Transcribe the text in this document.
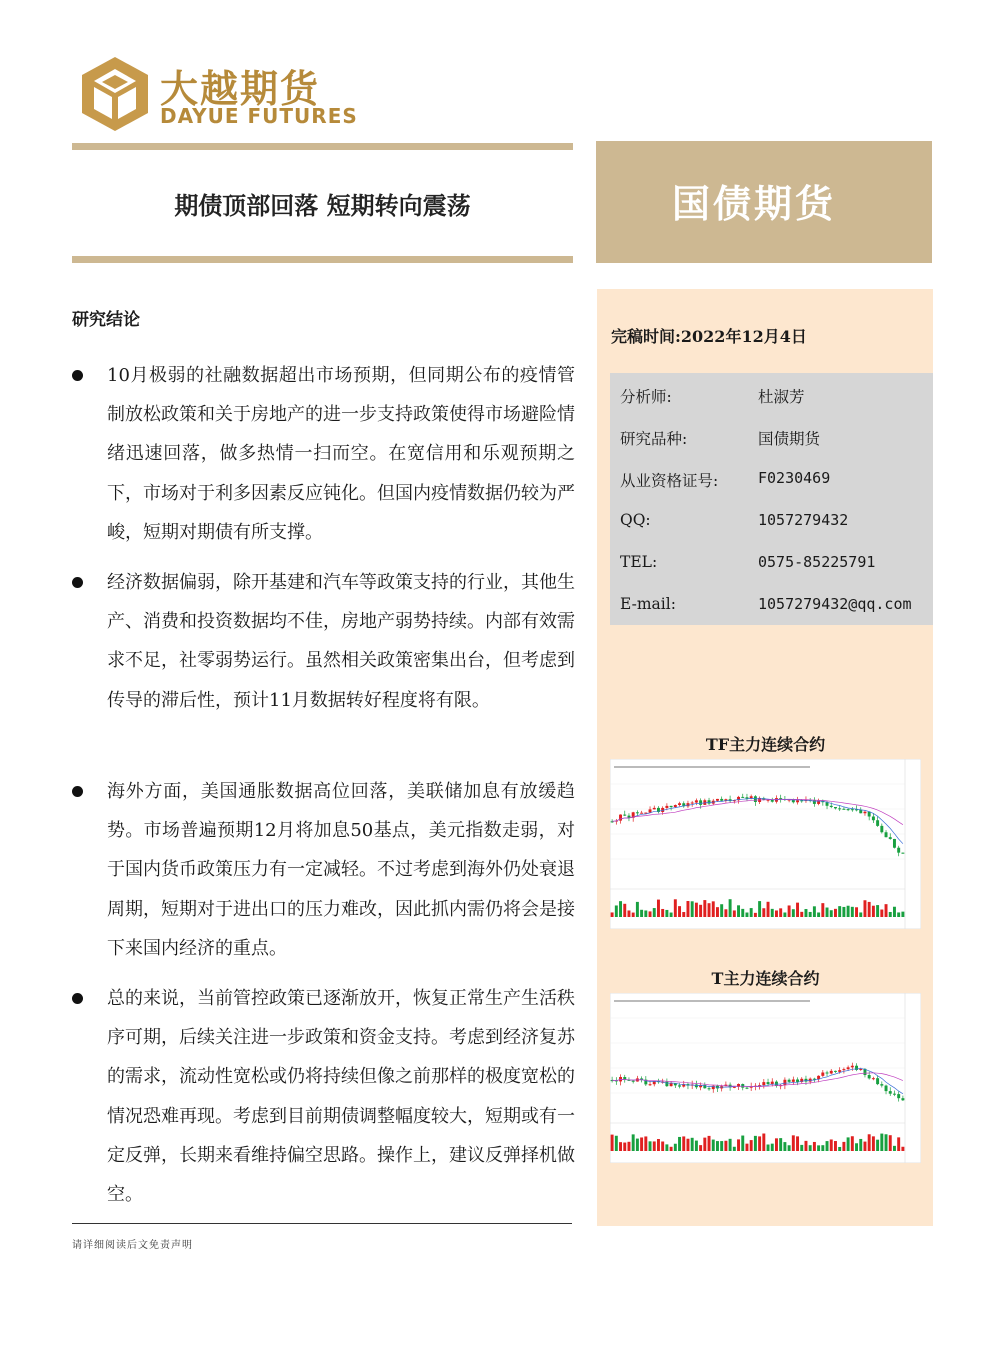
大越期货
DAYUE FUTURES
期债顶部回落 短期转向震荡	国债期货
研究结论
10月极弱的社融数据超出市场预期，但同期公布的疫情管制放松政策和关于房地产的进一步支持政策使得市场避险情绪迅速回落，做多热情一扫而空。在宽信用和乐观预期之下，市场对于利多因素反应钝化。但国内疫情数据仍较为严峻，短期对期债有所支撑。
经济数据偏弱，除开基建和汽车等政策支持的行业，其他生产、消费和投资数据均不佳，房地产弱势持续。内部有效需求不足，社零弱势运行。虽然相关政策密集出台，但考虑到传导的滞后性，预计11月数据转好程度将有限。
海外方面，美国通胀数据高位回落，美联储加息有放缓趋势。市场普遍预期12月将加息50基点，美元指数走弱，对于国内货币政策压力有一定减轻。不过考虑到海外仍处衰退周期，短期对于进出口的压力难改，因此抓内需仍将会是接下来国内经济的重点。
总的来说，当前管控政策已逐渐放开，恢复正常生产生活秩序可期，后续关注进一步政策和资金支持。考虑到经济复苏的需求，流动性宽松或仍将持续但像之前那样的极度宽松的情况恐难再现。考虑到目前期债调整幅度较大，短期或有一定反弹，长期来看维持偏空思路。操作上，建议反弹择机做空。
请详细阅读后文免责声明
完稿时间:2022年12月4日
分析师:	杜淑芳
研究品种:	国债期货
从业资格证号:	F0230469
QQ:	1057279432
TEL:	0575-85225791
E-mail:	1057279432@qq.com
TF主力连续合约
T主力连续合约
